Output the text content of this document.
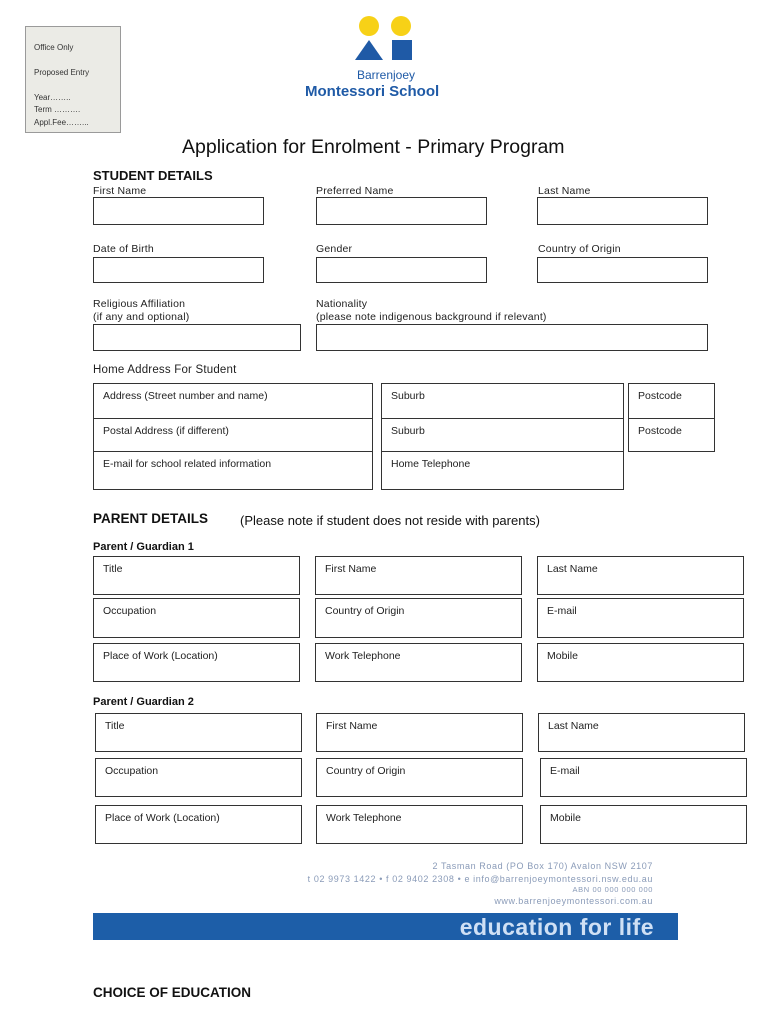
Office Only
Proposed Entry
Year……..
Term ……….
Appl.Fee……...
Barrenjoey
Montessori School
Application for Enrolment - Primary Program
STUDENT DETAILS
First Name	Preferred Name	Last Name
Date of Birth	Gender	Country of Origin
Religious Affiliation
(if any and optional)
Nationality
(please note indigenous background if relevant)
Home Address For Student
Address (Street number and name)	Suburb	Postcode
Postal Address (if different)	Suburb	Postcode
E-mail for school related information	Home Telephone
PARENT DETAILS (Please note if student does not reside with parents)
Parent / Guardian 1
Title	First Name	Last Name
Occupation	Country of Origin	E-mail
Place of Work (Location)	Work Telephone	Mobile
Parent / Guardian 2
Title	First Name	Last Name
Occupation	Country of Origin	E-mail
Place of Work (Location)	Work Telephone	Mobile
2 Tasman Road (PO Box 170) Avalon NSW 2107
t 02 9973 1422 • f 02 9402 2308 • e info@barrenjoeymontessori.nsw.edu.au
ABN 00 000 000 000
www.barrenjoeymontessori.com.au
education for life
CHOICE OF EDUCATION
